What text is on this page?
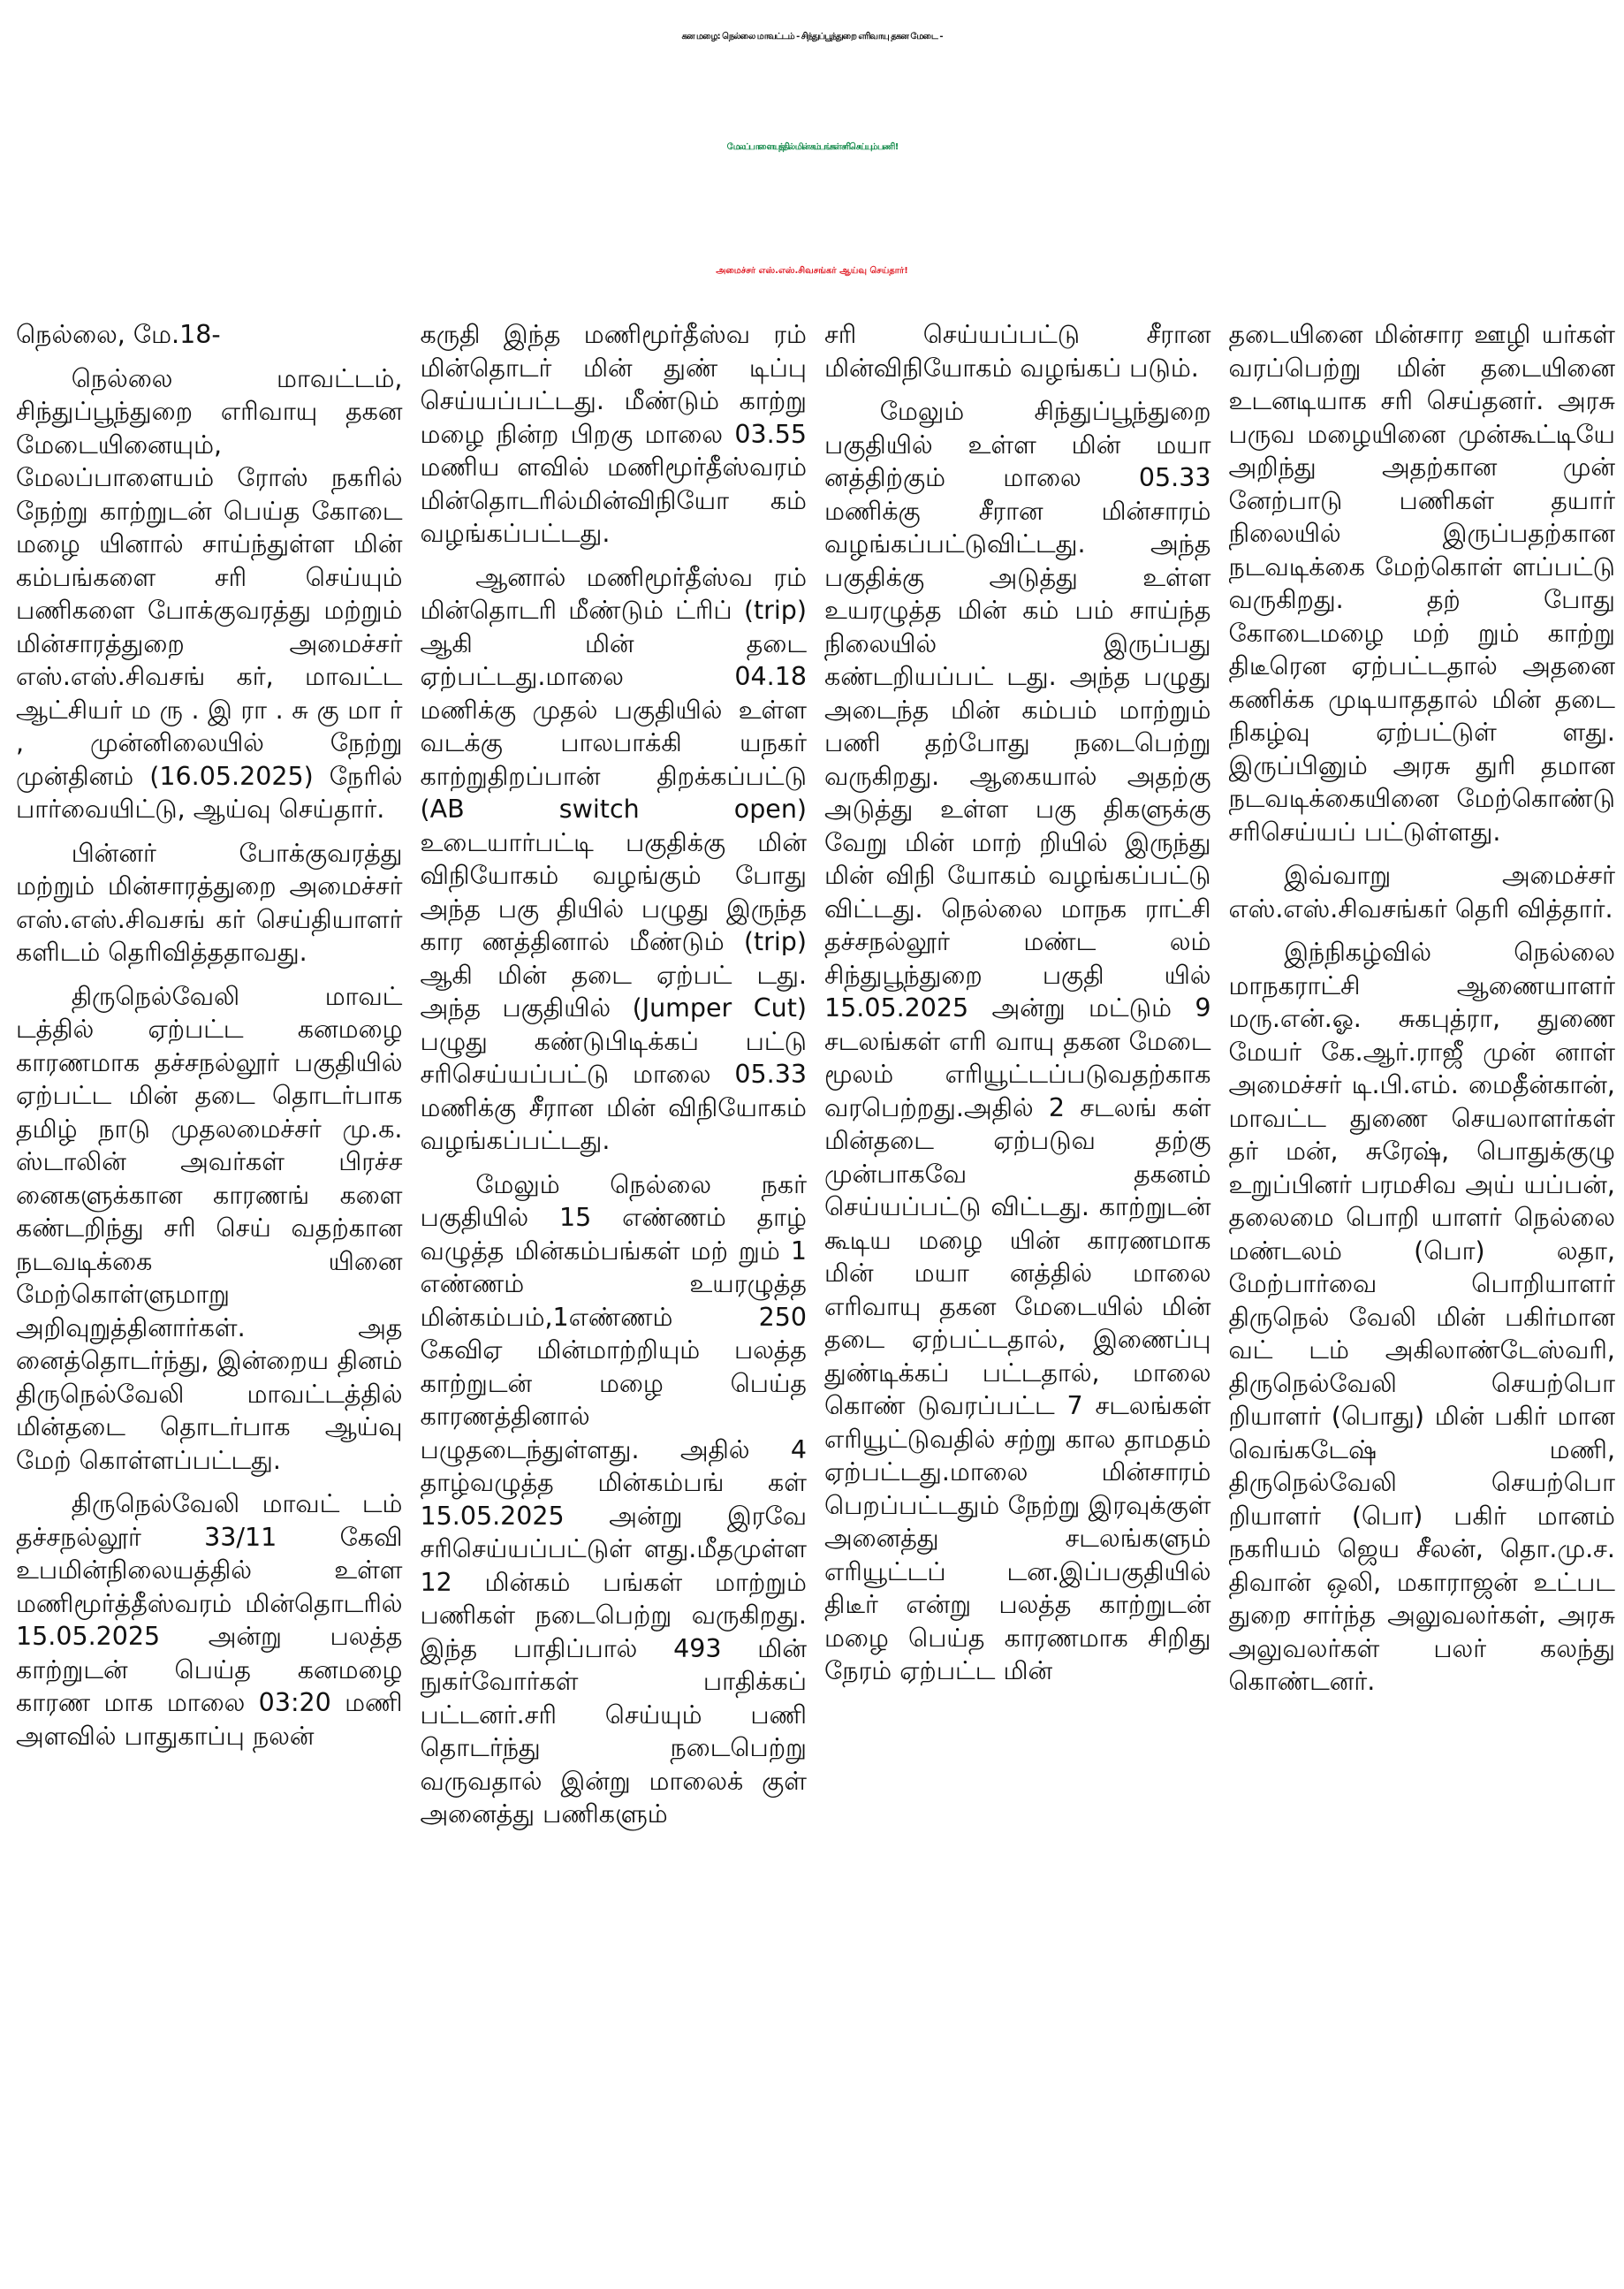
கன மழை: நெல்லை மாவட்டம் - சிந்துப்பூந்துறை எரிவாயு தகன மேடை -
மேலப்பாளையத்தில் மின் கம்பங்கள் சரிசெய்யும் பணி !
அமைச்சர் எஸ்.எஸ்.சிவசங்கர் ஆய்வு செய்தார்!

நெல்லை, மே.18-

நெல்லை மாவட்டம், சிந்துப்பூந்துறை எரிவாயு தகன மேடையினையும், மேலப்பாளையம் ரோஸ் நகரில் நேற்று காற்றுடன் பெய்த கோடை மழை யினால் சாய்ந்துள்ள மின் கம்பங்களை சரி செய்யும் பணிகளை போக்குவரத்து மற்றும் மின்சாரத்துறை அமைச்சர் எஸ்.எஸ்.சிவசங் கர், மாவட்ட ஆட்சியர் ம ரு . இ ரா . சு கு மா ர் , முன்னிலையில் நேற்று முன்தினம் (16.05.2025) நேரில் பார்வையிட்டு, ஆய்வு செய்தார்.

பின்னர் போக்குவரத்து மற்றும் மின்சாரத்துறை அமைச்சர் எஸ்.எஸ்.சிவசங் கர் செய்தியாளர் களிடம் தெரிவித்ததாவது.

திருநெல்வேலி மாவட் டத்தில் ஏற்பட்ட கனமழை காரணமாக தச்சநல்லூர் பகுதியில் ஏற்பட்ட மின் தடை தொடர்பாக தமிழ் நாடு முதலமைச்சர் மு.க. ஸ்டாலின் அவர்கள் பிரச்ச னைகளுக்கான காரணங் களை கண்டறிந்து சரி செய் வதற்கான நடவடிக்கை யினை மேற்கொள்ளுமாறு அறிவுறுத்தினார்கள். அத னைத்தொடர்ந்து, இன்றைய தினம் திருநெல்வேலி மாவட்டத்தில் மின்தடை தொடர்பாக ஆய்வு மேற் கொள்ளப்பட்டது.

திருநெல்வேலி மாவட் டம் தச்சநல்லூர் 33/11 கேவி உபமின்நிலையத்தில் உள்ள மணிமூர்த்தீஸ்வரம் மின்தொடரில் 15.05.2025 அன்று பலத்த காற்றுடன் பெய்த கனமழை காரண மாக மாலை 03:20 மணி அளவில் பாதுகாப்பு நலன்

கருதி இந்த மணிமூர்தீஸ்வ ரம் மின்தொடர் மின் துண் டிப்பு செய்யப்பட்டது. மீண்டும் காற்று மழை நின்ற பிறகு மாலை 03.55 மணிய ளவில் மணிமூர்தீஸ்வரம் மின்தொடரில்மின்விநியோ கம் வழங்கப்பட்டது.

ஆனால் மணிமூர்தீஸ்வ ரம் மின்தொடரி மீண்டும் ட்ரிப் (trip) ஆகி மின் தடை ஏற்பட்டது.மாலை 04.18 மணிக்கு முதல் பகுதியில் உள்ள வடக்கு பாலபாக்கி யநகர் காற்றுதிறப்பான் திறக்கப்பட்டு (AB switch open) உடையார்பட்டி பகுதிக்கு மின் விநியோகம் வழங்கும் போது அந்த பகு தியில் பழுது இருந்த கார ணத்தினால் மீண்டும் (trip) ஆகி மின் தடை ஏற்பட் டது. அந்த பகுதியில் (Jumper Cut) பழுது கண்டுபிடிக்கப் பட்டு சரிசெய்யப்பட்டு மாலை 05.33 மணிக்கு சீரான மின் விநியோகம் வழங்கப்பட்டது.

மேலும் நெல்லை நகர் பகுதியில் 15 எண்ணம் தாழ் வழுத்த மின்கம்பங்கள் மற் றும் 1 எண்ணம் உயரழுத்த மின்கம்பம்,1எண்ணம் 250 கேவிஏ மின்மாற்றியும் பலத்த காற்றுடன் மழை பெய்த காரணத்தினால் பழுதடைந்துள்ளது. அதில் 4 தாழ்வழுத்த மின்கம்பங் கள் 15.05.2025 அன்று இரவே சரிசெய்யப்பட்டுள் ளது.மீதமுள்ள 12 மின்கம் பங்கள் மாற்றும் பணிகள் நடைபெற்று வருகிறது. இந்த பாதிப்பால் 493 மின் நுகர்வோர்கள் பாதிக்கப் பட்டனர்.சரி செய்யும் பணி தொடர்ந்து நடைபெற்று வருவதால் இன்று மாலைக் குள் அனைத்து பணிகளும்

சரி செய்யப்பட்டு சீரான மின்விநியோகம் வழங்கப் படும்.

மேலும் சிந்துப்பூந்துறை பகுதியில் உள்ள மின் மயா னத்திற்கும் மாலை 05.33 மணிக்கு சீரான மின்சாரம் வழங்கப்பட்டுவிட்டது. அந்த பகுதிக்கு அடுத்து உள்ள உயரழுத்த மின் கம் பம் சாய்ந்த நிலையில் இருப்பது கண்டறியப்பட் டது. அந்த பழுது அடைந்த மின் கம்பம் மாற்றும் பணி தற்போது நடைபெற்று வருகிறது. ஆகையால் அதற்கு அடுத்து உள்ள பகு திகளுக்கு வேறு மின் மாற் றியில் இருந்து மின் விநி யோகம் வழங்கப்பட்டு விட்டது. நெல்லை மாநக ராட்சி தச்சநல்லூர் மண்ட லம் சிந்துபூந்துறை பகுதி யில் 15.05.2025 அன்று மட்டும் 9 சடலங்கள் எரி வாயு தகன மேடை மூலம் எரியூட்டப்படுவதற்காக வரபெற்றது.அதில் 2 சடலங் கள் மின்தடை ஏற்படுவ தற்கு முன்பாகவே தகனம் செய்யப்பட்டு விட்டது. காற்றுடன் கூடிய மழை யின் காரணமாக மின் மயா னத்தில் மாலை எரிவாயு தகன மேடையில் மின் தடை ஏற்பட்டதால், இணைப்பு துண்டிக்கப் பட்டதால், மாலை கொண் டுவரப்பட்ட 7 சடலங்கள் எரியூட்டுவதில் சற்று கால தாமதம் ஏற்பட்டது.மாலை மின்சாரம் பெறப்பட்டதும் நேற்று இரவுக்குள் அனைத்து சடலங்களும் எரியூட்டப் டன.இப்பகுதியில் திடீர் என்று பலத்த காற்றுடன் மழை பெய்த காரணமாக சிறிது நேரம் ஏற்பட்ட மின்

தடையினை மின்சார ஊழி யர்கள் வரப்பெற்று மின் தடையினை உடனடியாக சரி செய்தனர். அரசு பருவ மழையினை முன்கூட்டியே அறிந்து அதற்கான முன் னேற்பாடு பணிகள் தயார் நிலையில் இருப்பதற்கான நடவடிக்கை மேற்கொள் ளப்பட்டு வருகிறது. தற் போது கோடைமழை மற் றும் காற்று திடீரென ஏற்பட்டதால் அதனை கணிக்க முடியாததால் மின் தடை நிகழ்வு ஏற்பட்டுள் ளது. இருப்பினும் அரசு துரி தமான நடவடிக்கையினை மேற்கொண்டு சரிசெய்யப் பட்டுள்ளது.

இவ்வாறு அமைச்சர் எஸ்.எஸ்.சிவசங்கர் தெரி வித்தார்.

இந்நிகழ்வில் நெல்லை மாநகராட்சி ஆணையாளர் மரு.என்.ஓ. சுகபுத்ரா, துணை மேயர் கே.ஆர்.ராஜீ முன் னாள் அமைச்சர் டி.பி.எம். மைதீன்கான், மாவட்ட துணை செயலாளர்கள் தர் மன், சுரேஷ், பொதுக்குழு உறுப்பினர் பரமசிவ அய் யப்பன், தலைமை பொறி யாளர் நெல்லை மண்டலம் (பொ) லதா, மேற்பார்வை பொறியாளர் திருநெல் வேலி மின் பகிர்மான வட் டம் அகிலாண்டேஸ்வரி, திருநெல்வேலி செயற்பொ றியாளர் (பொது) மின் பகிர் மான வெங்கடேஷ் மணி, திருநெல்வேலி செயற்பொ றியாளர் (பொ) பகிர் மானம் நகரியம் ஜெய சீலன், தொ.மு.ச. திவான் ஒலி, மகாராஜன் உட்பட துறை சார்ந்த அலுவலர்கள், அரசு அலுவலர்கள் பலர் கலந்து கொண்டனர்.
